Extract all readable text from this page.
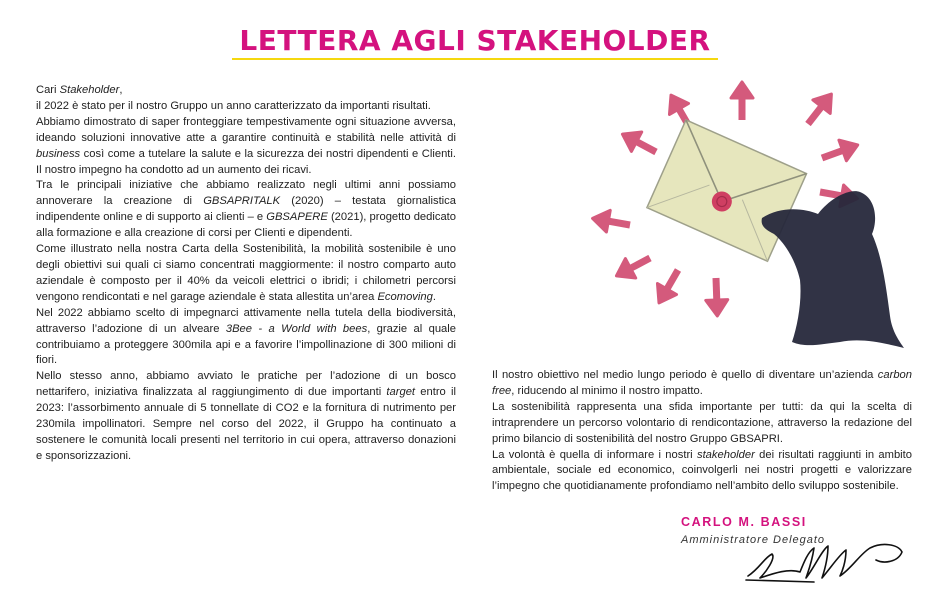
LETTERA AGLI STAKEHOLDER

Cari Stakeholder,

il 2022 è stato per il nostro Gruppo un anno caratterizzato da importanti risultati.

Abbiamo dimostrato di saper fronteggiare tempestivamente ogni situazione avversa, ideando soluzioni innovative atte a garantire continuità e stabilità nelle attività di business così come a tutelare la salute e la sicurezza dei nostri dipendenti e Clienti. Il nostro impegno ha condotto ad un aumento dei ricavi.

Tra le principali iniziative che abbiamo realizzato negli ultimi anni possiamo annoverare la creazione di GBSAPRITALK (2020) – testata giornalistica indipendente online e di supporto ai clienti – e GBSAPERE (2021), progetto dedicato alla formazione e alla creazione di corsi per Clienti e dipendenti.

Come illustrato nella nostra Carta della Sostenibilità, la mobilità sostenibile è uno degli obiettivi sui quali ci siamo concentrati maggiormente: il nostro comparto auto aziendale è composto per il 40% da veicoli elettrici o ibridi; i chilometri percorsi vengono rendicontati e nel garage aziendale è stata allestita un’area Ecomoving.

Nel 2022 abbiamo scelto di impegnarci attivamente nella tutela della biodiversità, attraverso l’adozione di un alveare 3Bee - a World with bees, grazie al quale contribuiamo a proteggere 300mila api e a favorire l’impollinazione di 300 milioni di fiori.

Nello stesso anno, abbiamo avviato le pratiche per l’adozione di un bosco nettarifero, iniziativa finalizzata al raggiungimento di due importanti target entro il 2023: l’assorbimento annuale di 5 tonnellate di CO2 e la fornitura di nutrimento per 230mila impollinatori. Sempre nel corso del 2022, il Gruppo ha continuato a sostenere le comunità locali presenti nel territorio in cui opera, attraverso donazioni e sponsorizzazioni.

Il nostro obiettivo nel medio lungo periodo è quello di diventare un’azienda carbon free, riducendo al minimo il nostro impatto.

La sostenibilità rappresenta una sfida importante per tutti: da qui la scelta di intraprendere un percorso volontario di rendicontazione, attraverso la redazione del primo bilancio di sostenibilità del nostro Gruppo GBSAPRI.

La volontà è quella di informare i nostri stakeholder dei risultati raggiunti in ambito ambientale, sociale ed economico, coinvolgerli nei nostri progetti e valorizzare l’impegno che quotidianamente profondiamo nell’ambito dello sviluppo sostenibile.

CARLO M. BASSI
Amministratore Delegato
